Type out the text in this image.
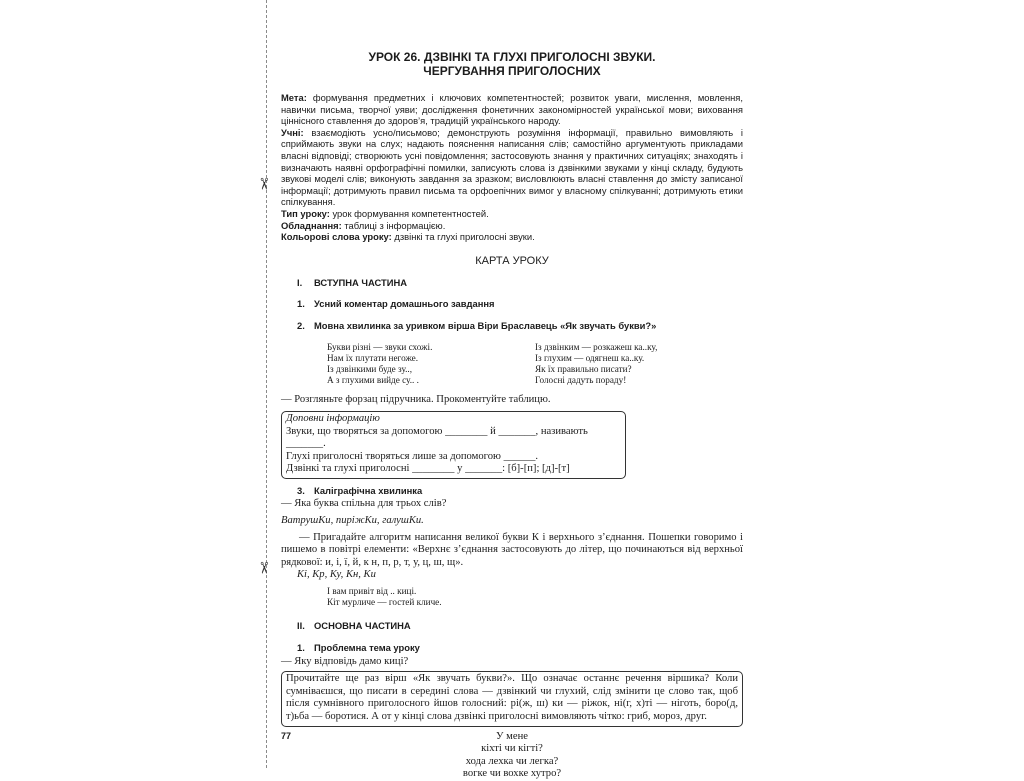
✂
✂
УРОК 26. ДЗВІНКІ ТА ГЛУХІ ПРИГОЛОСНІ ЗВУКИ.
ЧЕРГУВАННЯ ПРИГОЛОСНИХ

Мета: формування предметних і ключових компетентностей; розвиток уваги, мислення, мовлення, навички письма, творчої уяви; дослідження фонетичних закономірностей української мови; виховання ціннісного ставлення до здоров’я, традицій українського народу.

Учні: взаємодіють усно/письмово; демонструють розуміння інформації, правильно вимовляють і сприймають звуки на слух; надають пояснення написання слів; самостійно аргументують прикладами власні відповіді; створюють усні повідомлення; застосовують знання у практичних ситуаціях; знаходять і визначають наявні орфографічні помилки, записують слова із дзвінкими звуками у кінці складу, будують звукові моделі слів; виконують завдання за зразком; висловлюють власні ставлення до змісту записаної інформації; дотримують правил письма та орфоепічних вимог у власному спілкуванні; дотримують етики спілкування.

Тип уроку: урок формування компетентностей.

Обладнання: таблиці з інформацією.

Кольорові слова уроку: дзвінкі та глухі приголосні звуки.

КАРТА УРОКУ
I. ВСТУПНА ЧАСТИНА
1. Усний коментар домашнього завдання
2. Мовна хвилинка за уривком вірша Віри Браславець «Як звучать букви?»
Букви різні — звуки схожі.
Нам їх плутати негоже.
Із дзвінкими буде зу..,
А з глухими вийде су.. .
Із дзвінким — розкажеш ка..ку,
Із глухим — одягнеш ка..ку.
Як їх правильно писати?
Голосні дадуть пораду!

— Розгляньте форзац підручника. Прокоментуйте таблицю.

Доповни інформацію
Звуки, що творяться за допомогою ________ й _______, називають _______.
Глухі приголосні творяться лише за допомогою ______.
Дзвінкі та глухі приголосні ________ у _______: [б]-[п]; [д]-[т]
3. Каліграфічна хвилинка

— Яка буква спільна для трьох слів?

ВатрушКи, пиріжКи, галушКи.

— Пригадайте алгоритм написання великої букви К і верхнього з’єднання. Пошепки говоримо і пишемо в повітрі елементи: «Верхнє з’єднання застосовують до літер, що починаються від верхньої рядкової: и, і, ї, й, к н, п, р, т, у, ц, ш, щ».

Кі, Кр, Ку, Кн, Ки

І вам привіт від .. киці.
Кіт мурличе — гостей кличе.
II. ОСНОВНА ЧАСТИНА
1. Проблемна тема уроку

— Яку відповідь дамо киці?

Прочитайте ще раз вірш «Як звучать букви?». Що означає останнє речення віршика? Коли сумніваєшся, що писати в середині слова — дзвінкий чи глухий, слід змінити це слово так, щоб після сумнівного приголосного йшов голосний: рі(ж, ш) ки — ріжок, ні(г, х)ті — ніготь, боро(д, т)ьба — боротися. А от у кінці слова дзвінкі приголосні вимовляють чітко: гриб, мороз, друг.
У мене
кіхті чи кігті?
хода лехка чи легка?
вогке чи вохке хутро?
77
